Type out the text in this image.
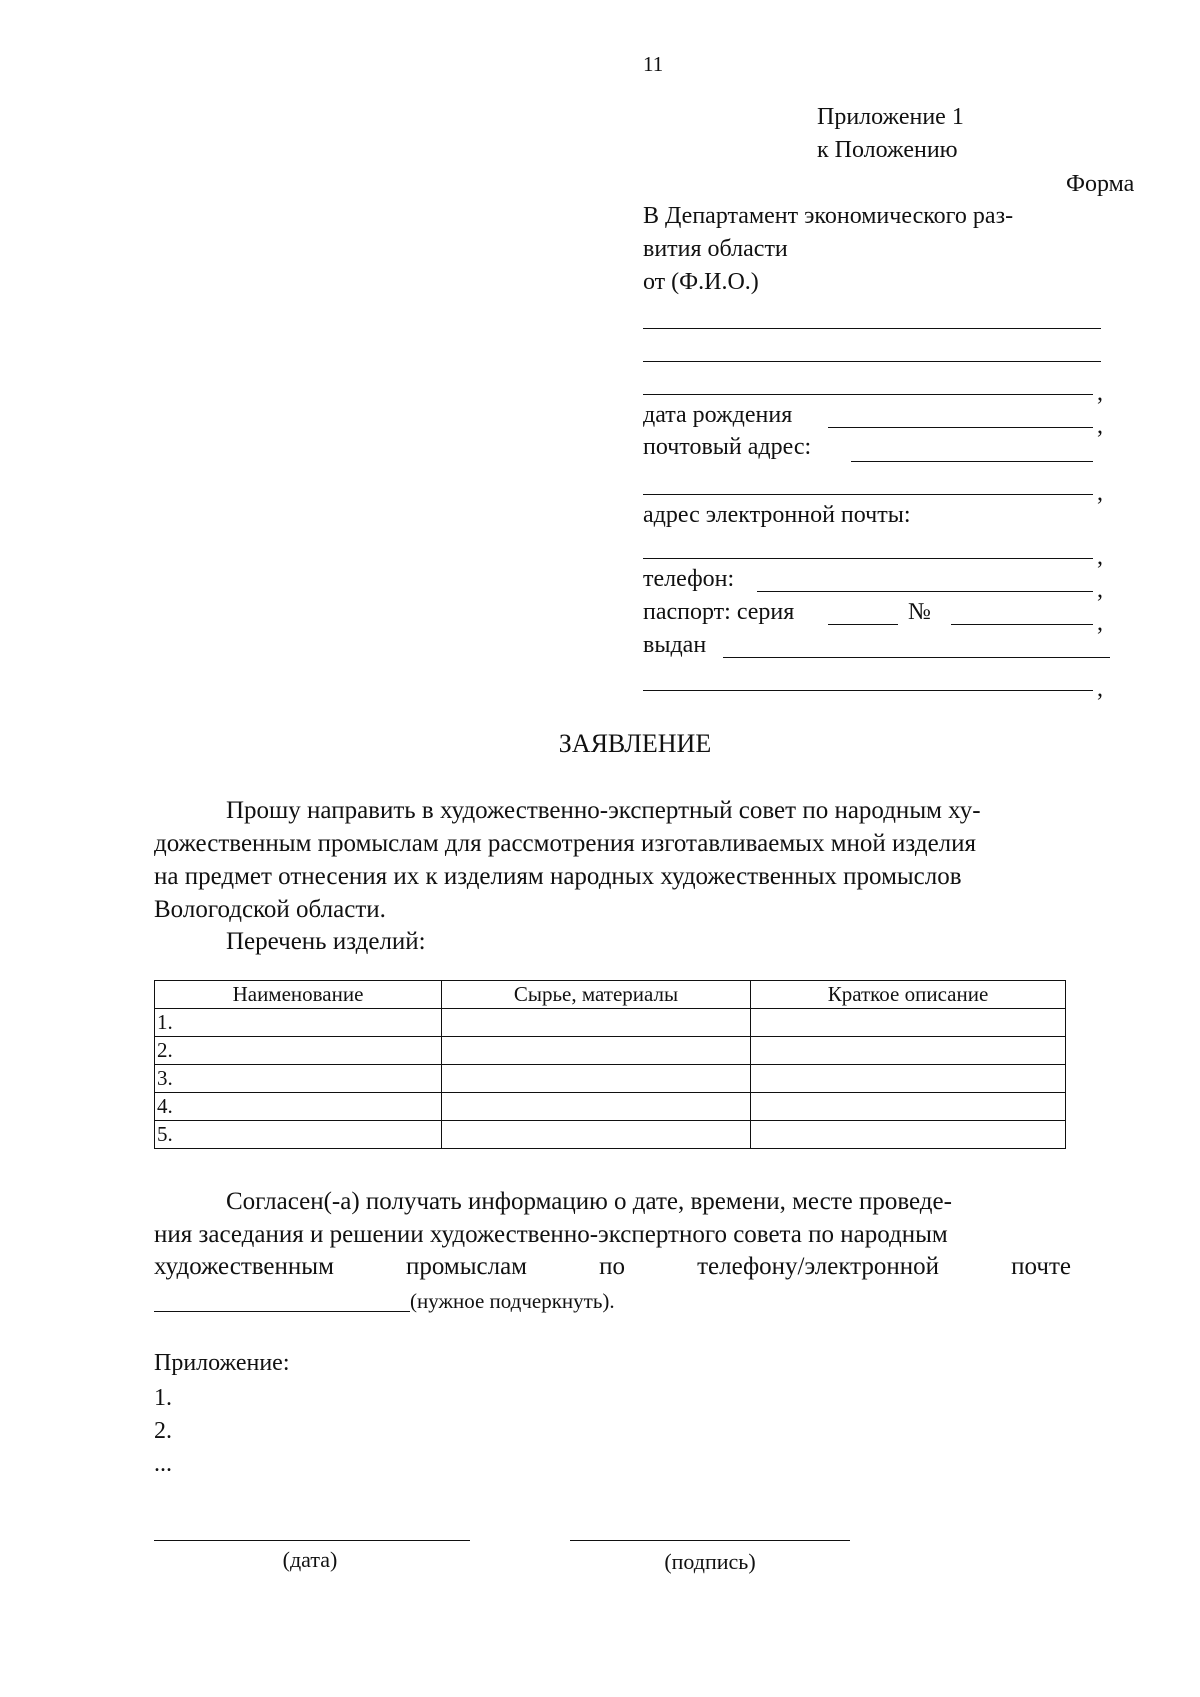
11
Приложение 1
к Положению
Форма
В Департамент экономического раз-
вития области
от (Ф.И.О.)
,
дата рождения	,
почтовый адрес:
,
адрес электронной почты:
,
телефон:	,
паспорт: серия	№	,
выдан
,
ЗАЯВЛЕНИЕ
Прошу направить в художественно-экспертный совет по народным ху-
дожественным промыслам для рассмотрения изготавливаемых мной изделия
на предмет отнесения их к изделиям народных художественных промыслов
Вологодской области.
Перечень изделий:
Наименование	Сырье, материалы	Краткое описание
1.		
2.		
3.		
4.		
5.		
Согласен(-а) получать информацию о дате, времени, месте проведе-
ния заседания и решении художественно-экспертного совета по народным
художественным	промыслам	по	телефону/электронной	почте
(нужное подчеркнуть).
Приложение:
1.
2.
...
(дата)	(подпись)
